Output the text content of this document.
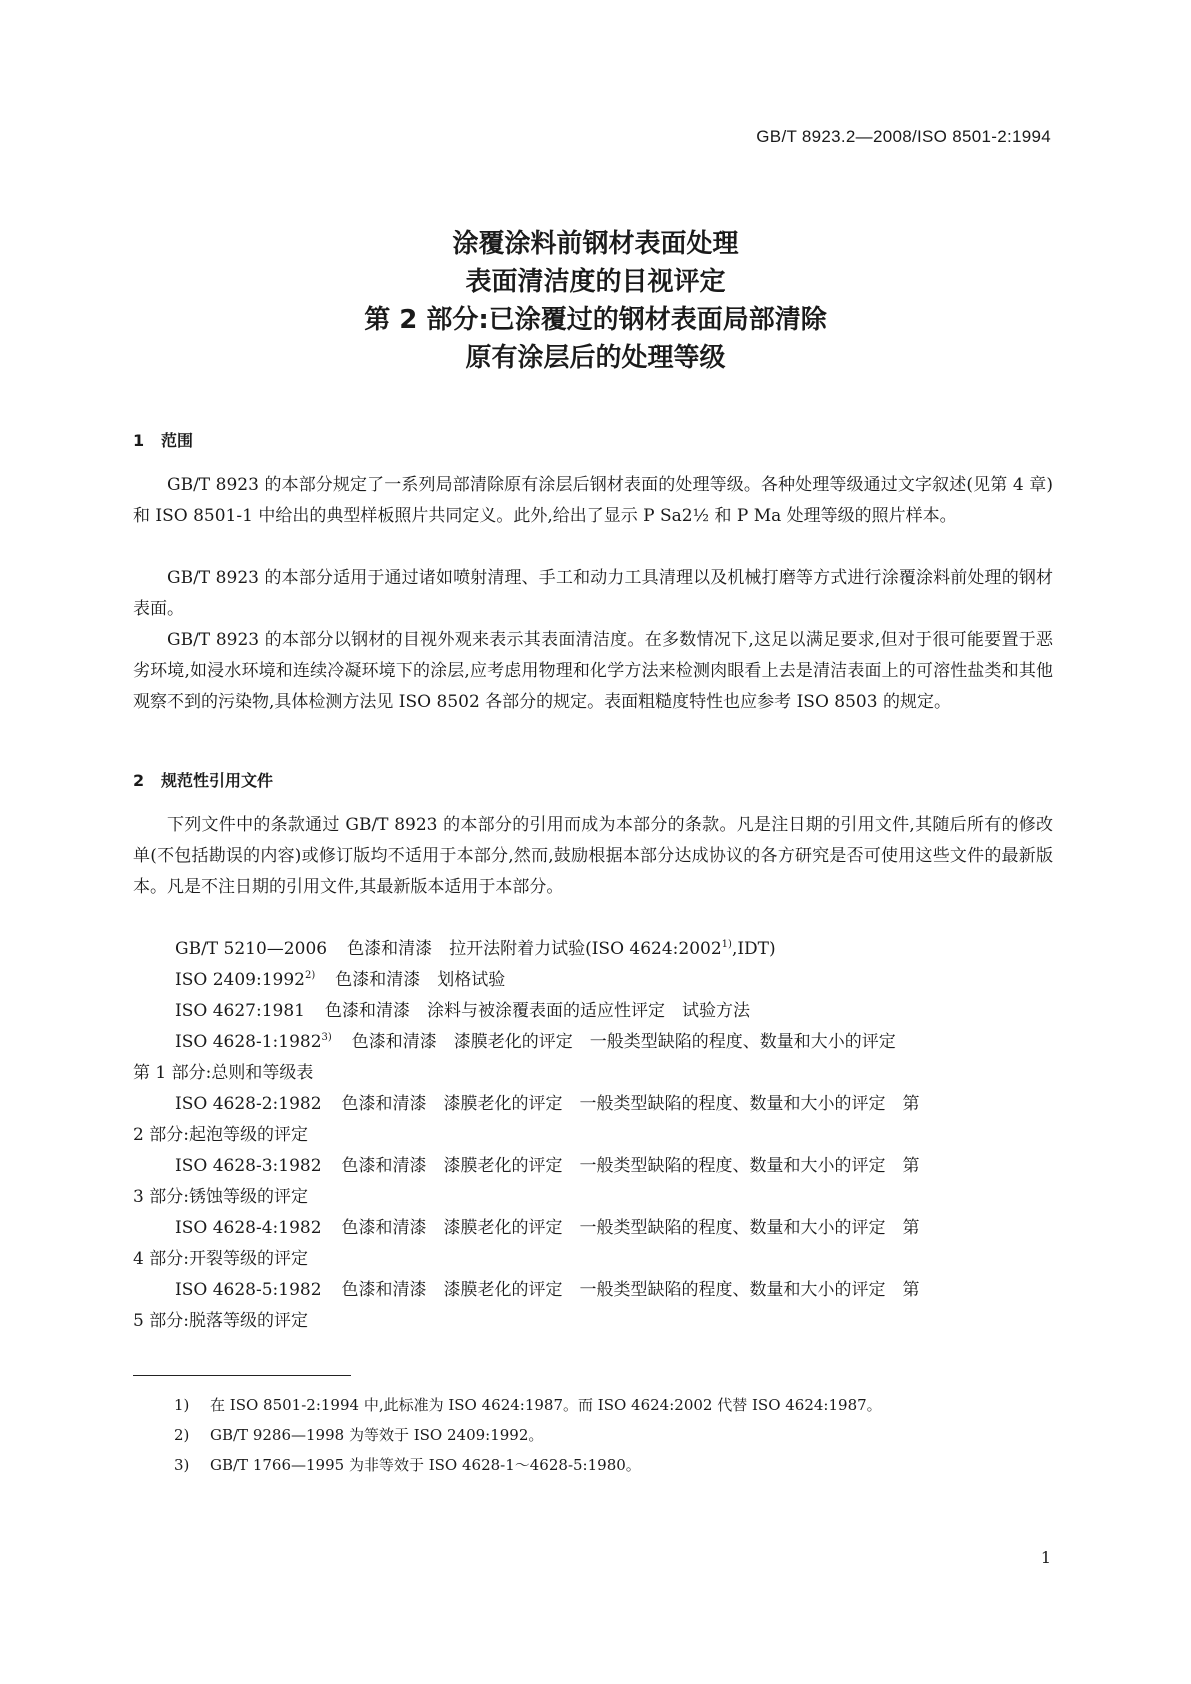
GB/T 8923.2—2008/ISO 8501-2:1994

涂覆涂料前钢材表面处理

表面清洁度的目视评定

第 2 部分:已涂覆过的钢材表面局部清除

原有涂层后的处理等级

1 范围

GB/T 8923 的本部分规定了一系列局部清除原有涂层后钢材表面的处理等级。各种处理等级通过文字叙述(见第 4 章)和 ISO 8501-1 中给出的典型样板照片共同定义。此外,给出了显示 P Sa2½ 和 P Ma 处理等级的照片样本。

GB/T 8923 的本部分适用于通过诸如喷射清理、手工和动力工具清理以及机械打磨等方式进行涂覆涂料前处理的钢材表面。

GB/T 8923 的本部分以钢材的目视外观来表示其表面清洁度。在多数情况下,这足以满足要求,但对于很可能要置于恶劣环境,如浸水环境和连续冷凝环境下的涂层,应考虑用物理和化学方法来检测肉眼看上去是清洁表面上的可溶性盐类和其他观察不到的污染物,具体检测方法见 ISO 8502 各部分的规定。表面粗糙度特性也应参考 ISO 8503 的规定。

2 规范性引用文件

下列文件中的条款通过 GB/T 8923 的本部分的引用而成为本部分的条款。凡是注日期的引用文件,其随后所有的修改单(不包括勘误的内容)或修订版均不适用于本部分,然而,鼓励根据本部分达成协议的各方研究是否可使用这些文件的最新版本。凡是不注日期的引用文件,其最新版本适用于本部分。

GB/T 5210—2006 色漆和清漆　拉开法附着力试验(ISO 4624:2002$^{1)}$,IDT)
ISO 2409:1992$^{2)}$ 色漆和清漆　划格试验
ISO 4627:1981 色漆和清漆　涂料与被涂覆表面的适应性评定　试验方法
ISO 4628-1:1982$^{3)}$ 色漆和清漆　漆膜老化的评定　一般类型缺陷的程度、数量和大小的评定
第 1 部分:总则和等级表
ISO 4628-2:1982 色漆和清漆　漆膜老化的评定　一般类型缺陷的程度、数量和大小的评定　第
2 部分:起泡等级的评定
ISO 4628-3:1982 色漆和清漆　漆膜老化的评定　一般类型缺陷的程度、数量和大小的评定　第
3 部分:锈蚀等级的评定
ISO 4628-4:1982 色漆和清漆　漆膜老化的评定　一般类型缺陷的程度、数量和大小的评定　第
4 部分:开裂等级的评定
ISO 4628-5:1982 色漆和清漆　漆膜老化的评定　一般类型缺陷的程度、数量和大小的评定　第
5 部分:脱落等级的评定
1) 在 ISO 8501-2:1994 中,此标准为 ISO 4624:1987。而 ISO 4624:2002 代替 ISO 4624:1987。
2) GB/T 9286—1998 为等效于 ISO 2409:1992。
3) GB/T 1766—1995 为非等效于 ISO 4628-1～4628-5:1980。
1
